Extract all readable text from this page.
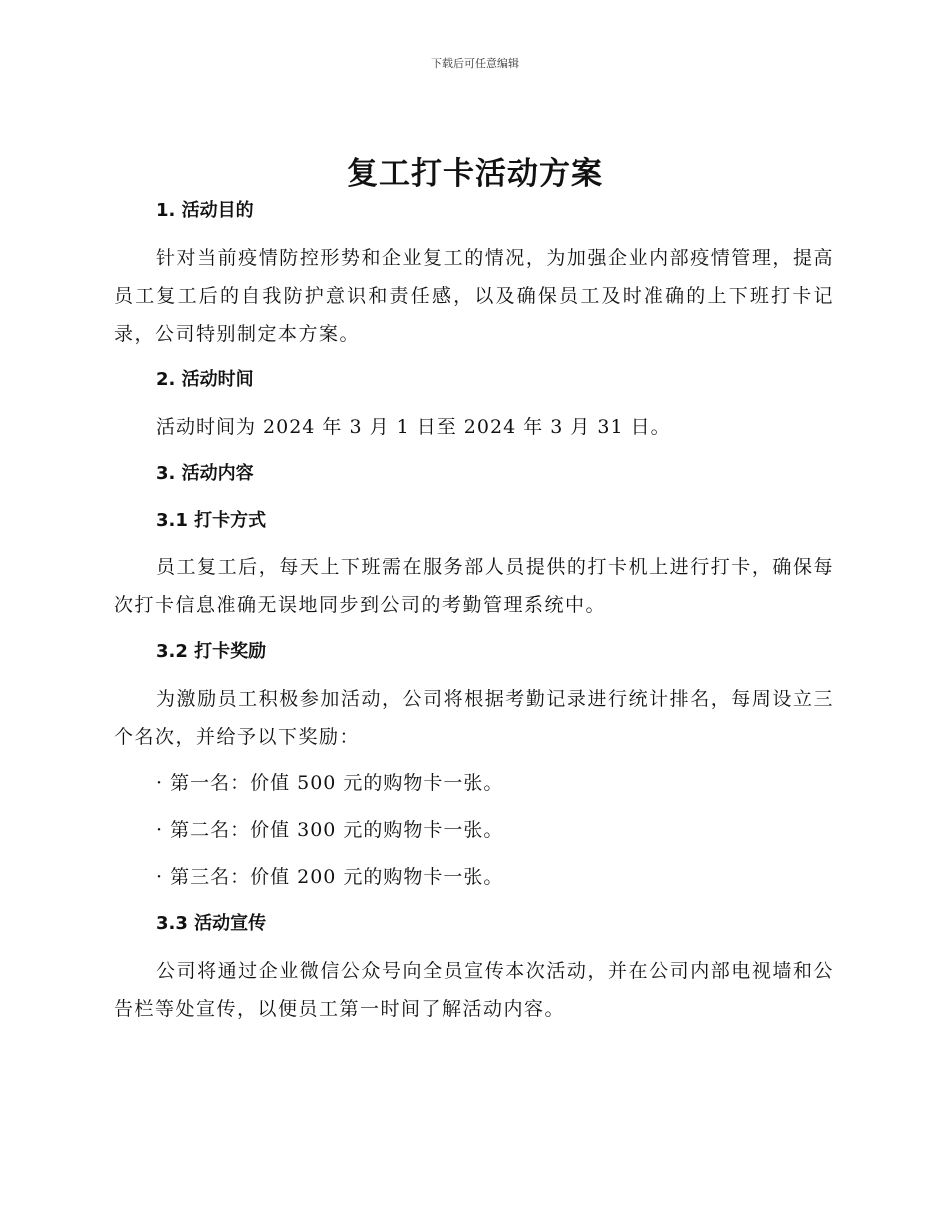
下载后可任意编辑
复工打卡活动方案
1. 活动目的
针对当前疫情防控形势和企业复工的情况，为加强企业内部疫情管理，提高员工复工后的自我防护意识和责任感，以及确保员工及时准确的上下班打卡记录，公司特别制定本方案。
2. 活动时间
活动时间为 2024 年 3 月 1 日至 2024 年 3 月 31 日。
3. 活动内容
3.1 打卡方式
员工复工后，每天上下班需在服务部人员提供的打卡机上进行打卡，确保每次打卡信息准确无误地同步到公司的考勤管理系统中。
3.2 打卡奖励
为激励员工积极参加活动，公司将根据考勤记录进行统计排名，每周设立三个名次，并给予以下奖励：
· 第一名：价值 500 元的购物卡一张。
· 第二名：价值 300 元的购物卡一张。
· 第三名：价值 200 元的购物卡一张。
3.3 活动宣传
公司将通过企业微信公众号向全员宣传本次活动，并在公司内部电视墙和公告栏等处宣传，以便员工第一时间了解活动内容。
